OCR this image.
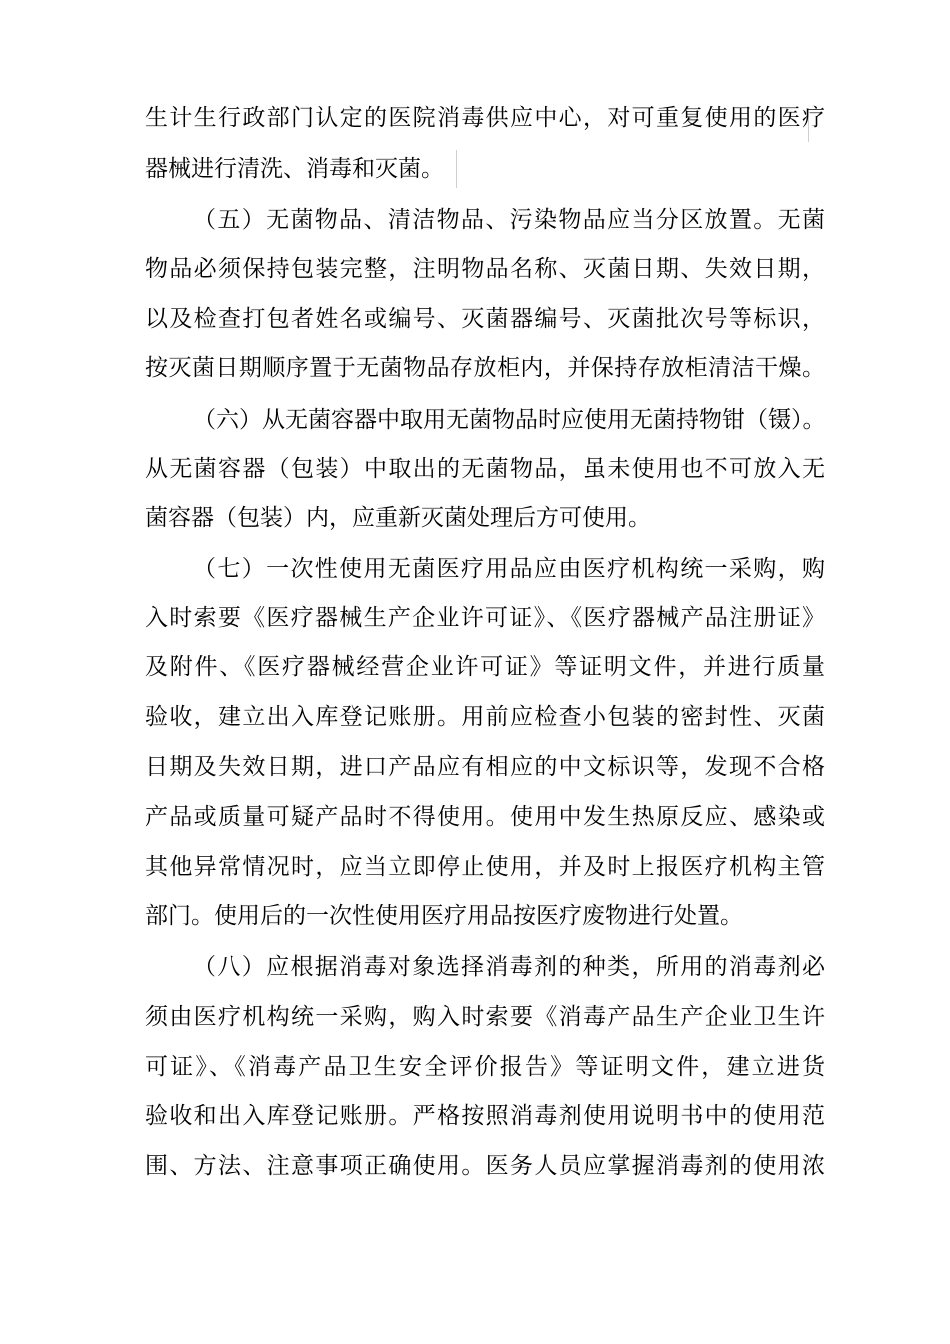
生计生行政部门认定的医院消毒供应中心，对可重复使用的医疗
器械进行清洗、消毒和灭菌。
（五）无菌物品、清洁物品、污染物品应当分区放置。无菌
物品必须保持包装完整，注明物品名称、灭菌日期、失效日期，
以及检查打包者姓名或编号、灭菌器编号、灭菌批次号等标识，
按灭菌日期顺序置于无菌物品存放柜内，并保持存放柜清洁干燥。
（六）从无菌容器中取用无菌物品时应使用无菌持物钳（镊）。
从无菌容器（包装）中取出的无菌物品，虽未使用也不可放入无
菌容器（包装）内，应重新灭菌处理后方可使用。
（七）一次性使用无菌医疗用品应由医疗机构统一采购，购
入时索要《医疗器械生产企业许可证》、《医疗器械产品注册证》
及附件、《医疗器械经营企业许可证》等证明文件，并进行质量
验收，建立出入库登记账册。用前应检查小包装的密封性、灭菌
日期及失效日期，进口产品应有相应的中文标识等，发现不合格
产品或质量可疑产品时不得使用。使用中发生热原反应、感染或
其他异常情况时，应当立即停止使用，并及时上报医疗机构主管
部门。使用后的一次性使用医疗用品按医疗废物进行处置。
（八）应根据消毒对象选择消毒剂的种类，所用的消毒剂必
须由医疗机构统一采购，购入时索要《消毒产品生产企业卫生许
可证》、《消毒产品卫生安全评价报告》等证明文件，建立进货
验收和出入库登记账册。严格按照消毒剂使用说明书中的使用范
围、方法、注意事项正确使用。医务人员应掌握消毒剂的使用浓
